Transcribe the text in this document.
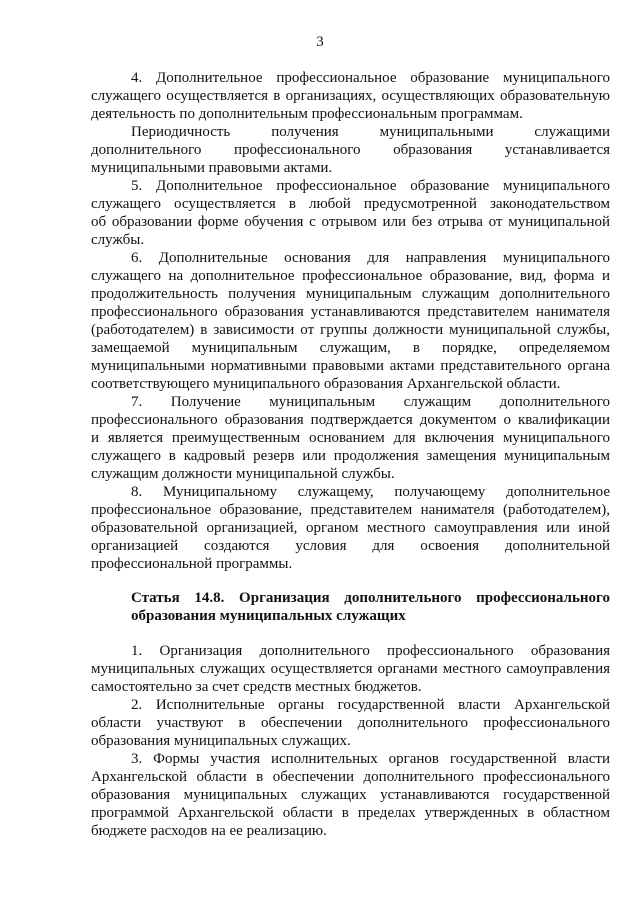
3
4. Дополнительное профессиональное образование муниципального
служащего осуществляется в организациях, осуществляющих образовательную
деятельность по дополнительным профессиональным программам.
Периодичность получения муниципальными служащими
дополнительного профессионального образования устанавливается
муниципальными правовыми актами.
5. Дополнительное профессиональное образование муниципального
служащего осуществляется в любой предусмотренной законодательством
об образовании форме обучения с отрывом или без отрыва от муниципальной
службы.
6. Дополнительные основания для направления муниципального
служащего на дополнительное профессиональное образование, вид, форма и
продолжительность получения муниципальным служащим дополнительного
профессионального образования устанавливаются представителем нанимателя
(работодателем) в зависимости от группы должности муниципальной службы,
замещаемой муниципальным служащим, в порядке, определяемом
муниципальными нормативными правовыми актами представительного органа
соответствующего муниципального образования Архангельской области.
7. Получение муниципальным служащим дополнительного
профессионального образования подтверждается документом о квалификации
и является преимущественным основанием для включения муниципального
служащего в кадровый резерв или продолжения замещения муниципальным
служащим должности муниципальной службы.
8. Муниципальному служащему, получающему дополнительное
профессиональное образование, представителем нанимателя (работодателем),
образовательной организацией, органом местного самоуправления или иной
организацией создаются условия для освоения дополнительной
профессиональной программы.
Статья 14.8. Организация дополнительного профессионального
образования муниципальных служащих
1. Организация дополнительного профессионального образования
муниципальных служащих осуществляется органами местного самоуправления
самостоятельно за счет средств местных бюджетов.
2. Исполнительные органы государственной власти Архангельской
области участвуют в обеспечении дополнительного профессионального
образования муниципальных служащих.
3. Формы участия исполнительных органов государственной власти
Архангельской области в обеспечении дополнительного профессионального
образования муниципальных служащих устанавливаются государственной
программой Архангельской области в пределах утвержденных в областном
бюджете расходов на ее реализацию.
